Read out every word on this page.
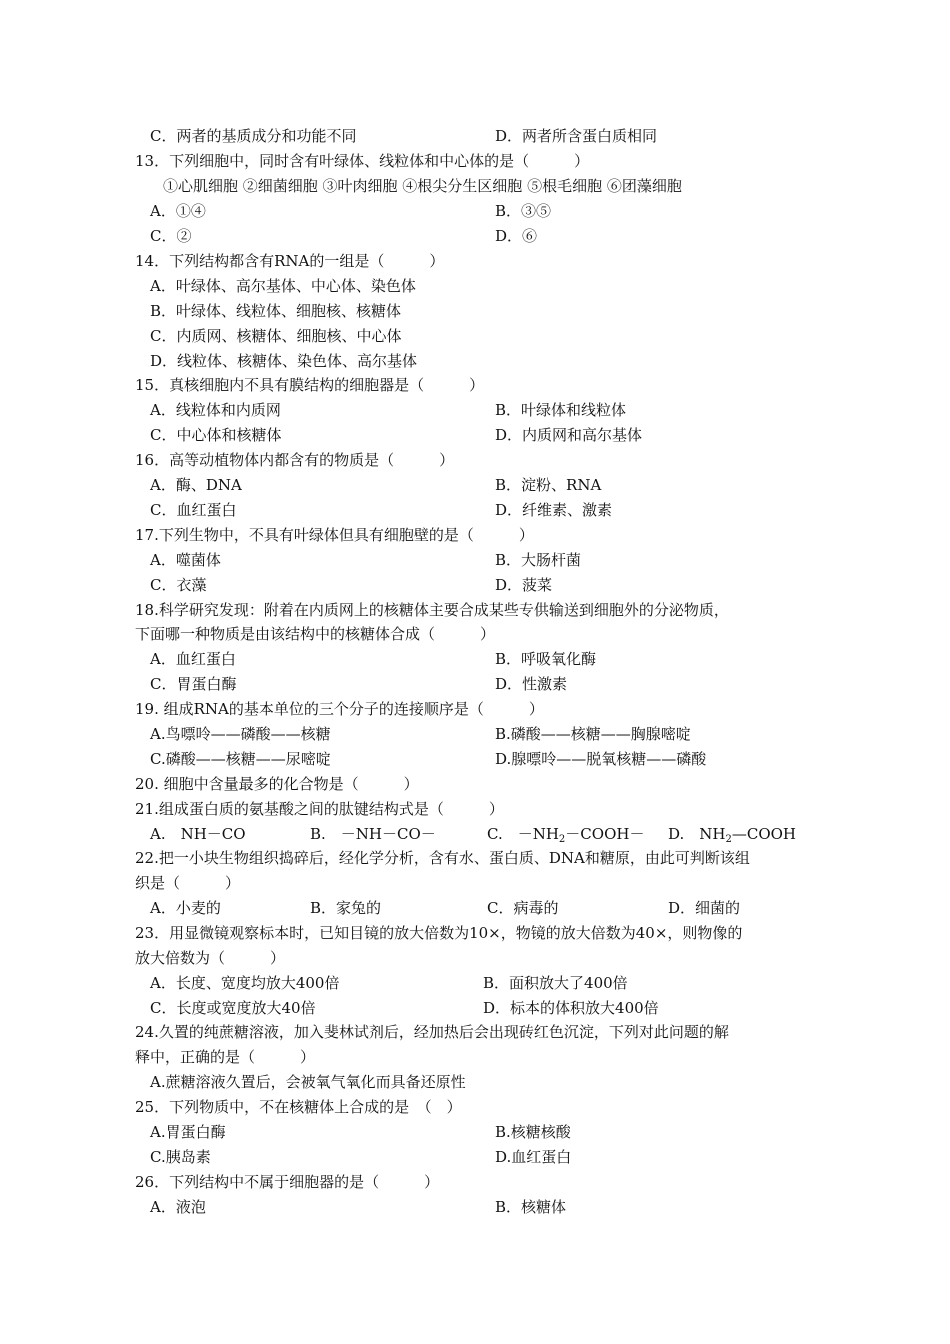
C．两者的基质成分和功能不同	D．两者所含蛋白质相同
13．下列细胞中，同时含有叶绿体、线粒体和中心体的是（　　　）
①心肌细胞 ②细菌细胞 ③叶肉细胞 ④根尖分生区细胞 ⑤根毛细胞 ⑥团藻细胞
A．①④	B．③⑤
C．②	D．⑥
14．下列结构都含有RNA的一组是（　　　）
A．叶绿体、高尔基体、中心体、染色体
B．叶绿体、线粒体、细胞核、核糖体
C．内质网、核糖体、细胞核、中心体
D．线粒体、核糖体、染色体、高尔基体
15．真核细胞内不具有膜结构的细胞器是（　　　）
A．线粒体和内质网	B．叶绿体和线粒体
C．中心体和核糖体	D．内质网和高尔基体
16．高等动植物体内都含有的物质是（　　　）
A．酶、DNA	B．淀粉、RNA
C．血红蛋白	D．纤维素、激素
17.下列生物中，不具有叶绿体但具有细胞壁的是（　　　）
A．噬菌体	B．大肠杆菌
C．衣藻	D．菠菜
18.科学研究发现：附着在内质网上的核糖体主要合成某些专供输送到细胞外的分泌物质，
下面哪一种物质是由该结构中的核糖体合成（　　　）
A．血红蛋白	B．呼吸氧化酶
C．胃蛋白酶	D．性激素
19. 组成RNA的基本单位的三个分子的连接顺序是（　　　）
A.鸟嘌呤——磷酸——核糖	B.磷酸——核糖——胸腺嘧啶
C.磷酸——核糖——尿嘧啶	D.腺嘌呤——脱氧核糖——磷酸
20. 细胞中含量最多的化合物是（　　　）
21.组成蛋白质的氨基酸之间的肽键结构式是（　　　）
A.　NH－CO	B.　－NH－CO－	C.　$-NH_2-COOH- D$.　$NH_2—COOH$
22.把一小块生物组织捣碎后，经化学分析，含有水、蛋白质、DNA和糖原，由此可判断该组
织是（　　　）
A．小麦的	B．家兔的	C．病毒的	D．细菌的
23．用显微镜观察标本时，已知目镜的放大倍数为10×，物镜的放大倍数为40×，则物像的
放大倍数为（　　　）
A．长度、宽度均放大400倍	B．面积放大了400倍
C．长度或宽度放大40倍	D．标本的体积放大400倍
24.久置的纯蔗糖溶液，加入斐林试剂后，经加热后会出现砖红色沉淀，下列对此问题的解
释中，正确的是（　　　）
A.蔗糖溶液久置后，会被氧气氧化而具备还原性
25．下列物质中，不在核糖体上合成的是　（　）
A.胃蛋白酶	B.核糖核酸
C.胰岛素	D.血红蛋白
26．下列结构中不属于细胞器的是（　　　）
A．液泡	B．核糖体
